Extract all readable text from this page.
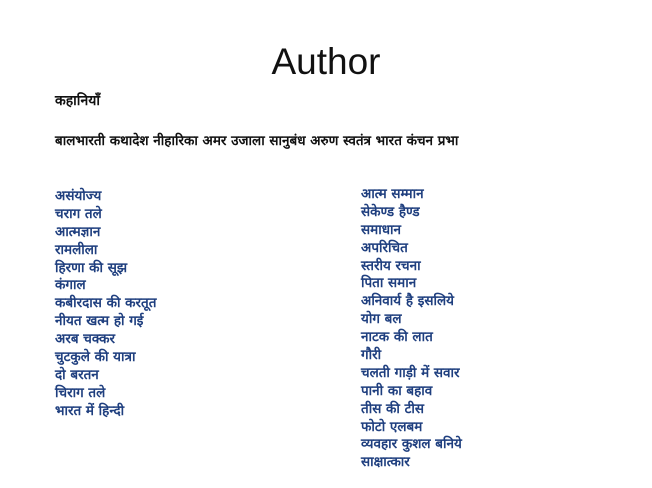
Author
कहानियाँ
बालभारती कथादेश नीहारिका अमर उजाला सानुबंध अरुण स्वतंत्र भारत कंचन प्रभा
असंयोज्य
चराग तले
आत्मज्ञान
रामलीला
हिरणा की सूझ
कंगाल
कबीरदास की करतूत
नीयत खत्म हो गई
अरब चक्कर
चुटकुले की यात्रा
दो बरतन
चिराग तले
भारत में हिन्दी
आत्म सम्मान
सेकेण्ड हैण्ड
समाधान
अपरिचित
स्तरीय रचना
पिता समान
अनिवार्य है इसलिये
योग बल
नाटक की लात
गौरी
चलती गाड़ी में सवार
पानी का बहाव
तीस की टीस
फोटो एलबम
व्यवहार कुशल बनिये
साक्षात्कार
